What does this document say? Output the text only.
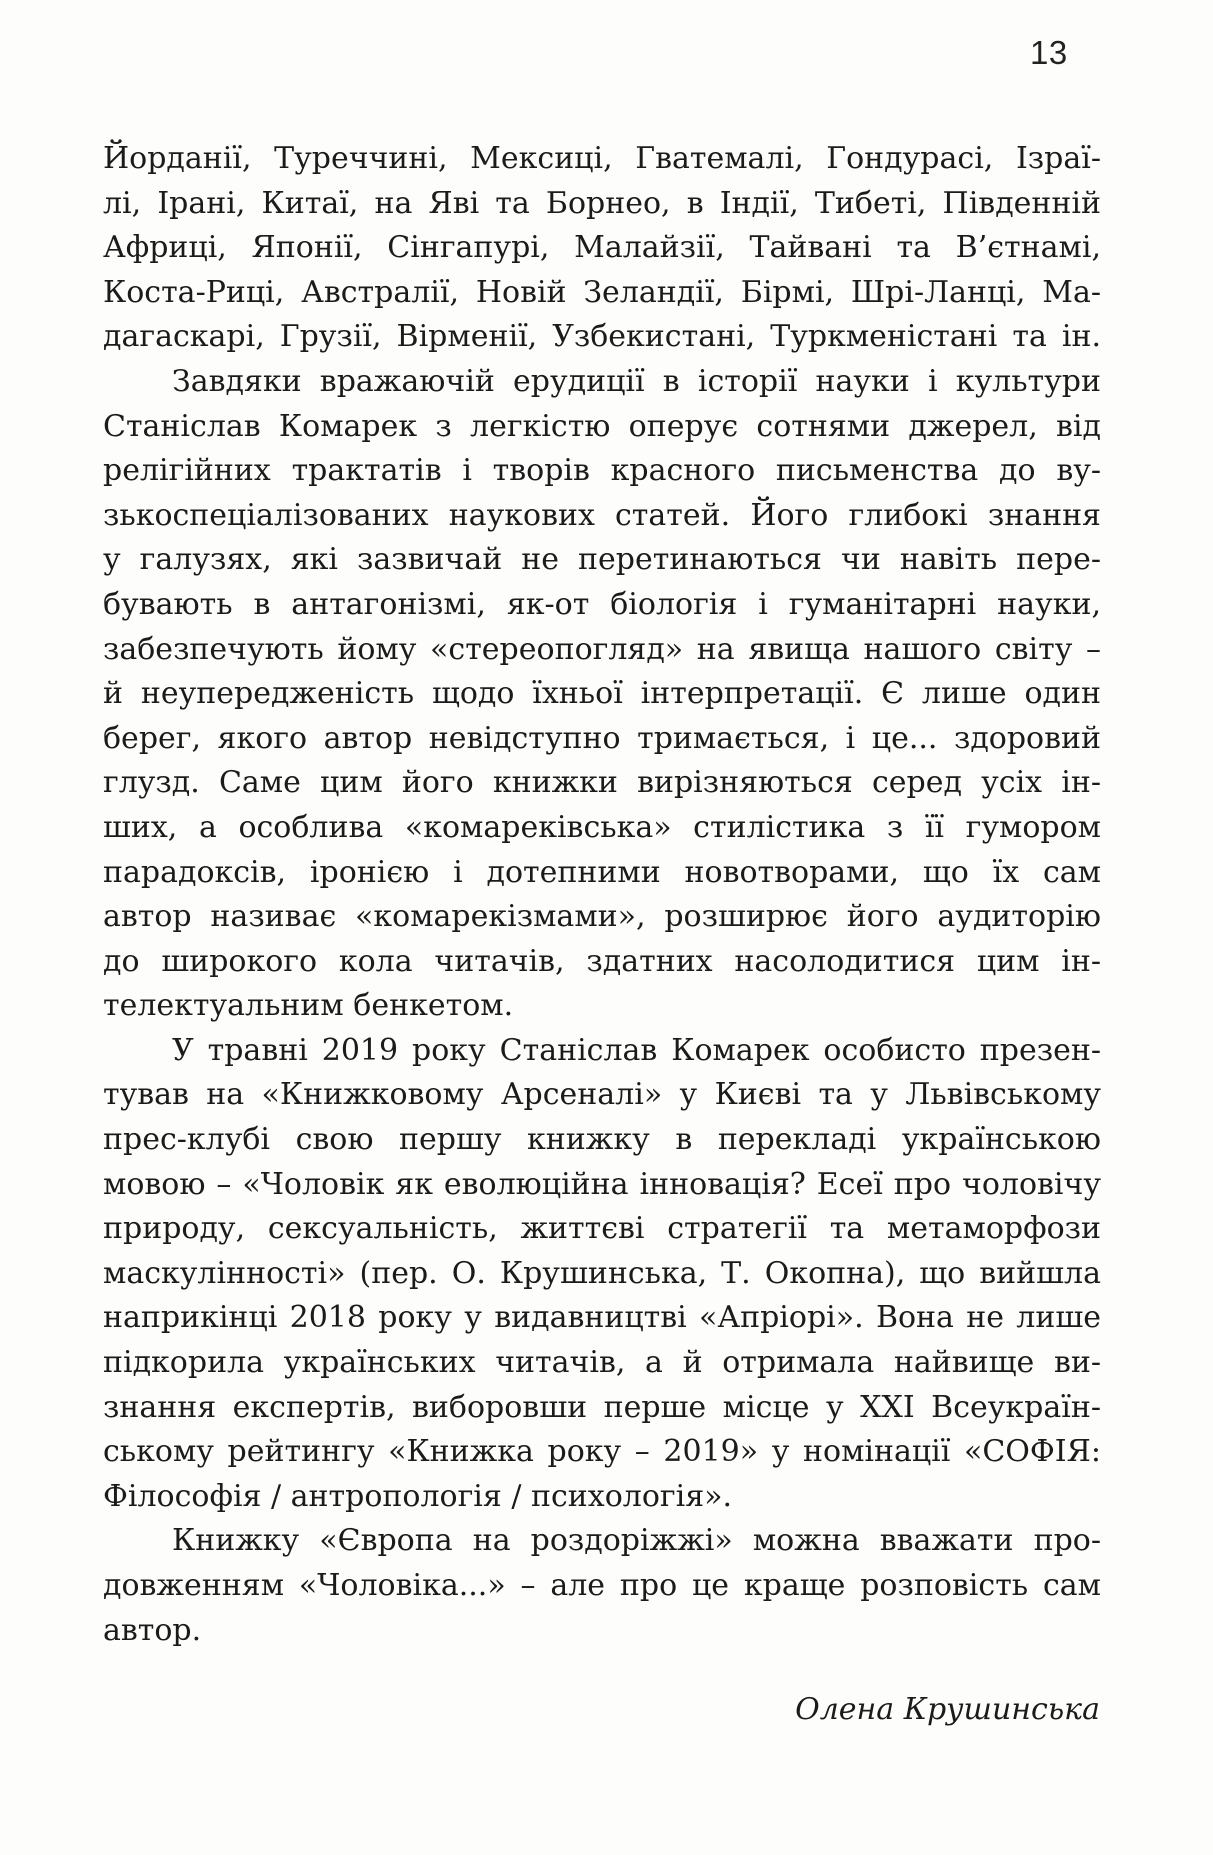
13
Йорданії, Туреччині, Мексиці, Гватемалі, Гондурасі, Ізраї-
лі, Ірані, Китаї, на Яві та Борнео, в Індії, Тибеті, Південній
Африці, Японії, Сінгапурі, Малайзії, Тайвані та В’єтнамі,
Коста-Риці, Австралії, Новій Зеландії, Бірмі, Шрі-Ланці, Ма-
дагаскарі, Грузії, Вірменії, Узбекистані, Туркменістані та ін.
Завдяки вражаючій ерудиції в історії науки і культури
Станіслав Комарек з легкістю оперує сотнями джерел, від
релігійних трактатів і творів красного письменства до ву-
зькоспеціалізованих наукових статей. Його глибокі знання
у галузях, які зазвичай не перетинаються чи навіть пере-
бувають в антагонізмі, як-от біологія і гуманітарні науки,
забезпечують йому «стереопогляд» на явища нашого світу –
й неупередженість щодо їхньої інтерпретації. Є лише один
берег, якого автор невідступно тримається, і це... здоровий
глузд. Саме цим його книжки вирізняються серед усіх ін-
ших, а особлива «комареківська» стилістика з її гумором
парадоксів, іронією і дотепними новотворами, що їх сам
автор називає «комарекізмами», розширює його аудиторію
до широкого кола читачів, здатних насолодитися цим ін-
телектуальним бенкетом.
У травні 2019 року Станіслав Комарек особисто презен-
тував на «Книжковому Арсеналі» у Києві та у Львівському
прес-клубі свою першу книжку в перекладі українською
мовою – «Чоловік як еволюційна інновація? Есеї про чоловічу
природу, сексуальність, життєві стратегії та метаморфози
маскулінності» (пер. О. Крушинська, Т. Окопна), що вийшла
наприкінці 2018 року у видавництві «Апріорі». Вона не лише
підкорила українських читачів, а й отримала найвище ви-
знання експертів, виборовши перше місце у XXI Всеукраїн-
ському рейтингу «Книжка року – 2019» у номінації «СОФІЯ:
Філософія / антропологія / психологія».
Книжку «Європа на роздоріжжі» можна вважати про-
довженням «Чоловіка...» – але про це краще розповість сам
автор.
Олена Крушинська
